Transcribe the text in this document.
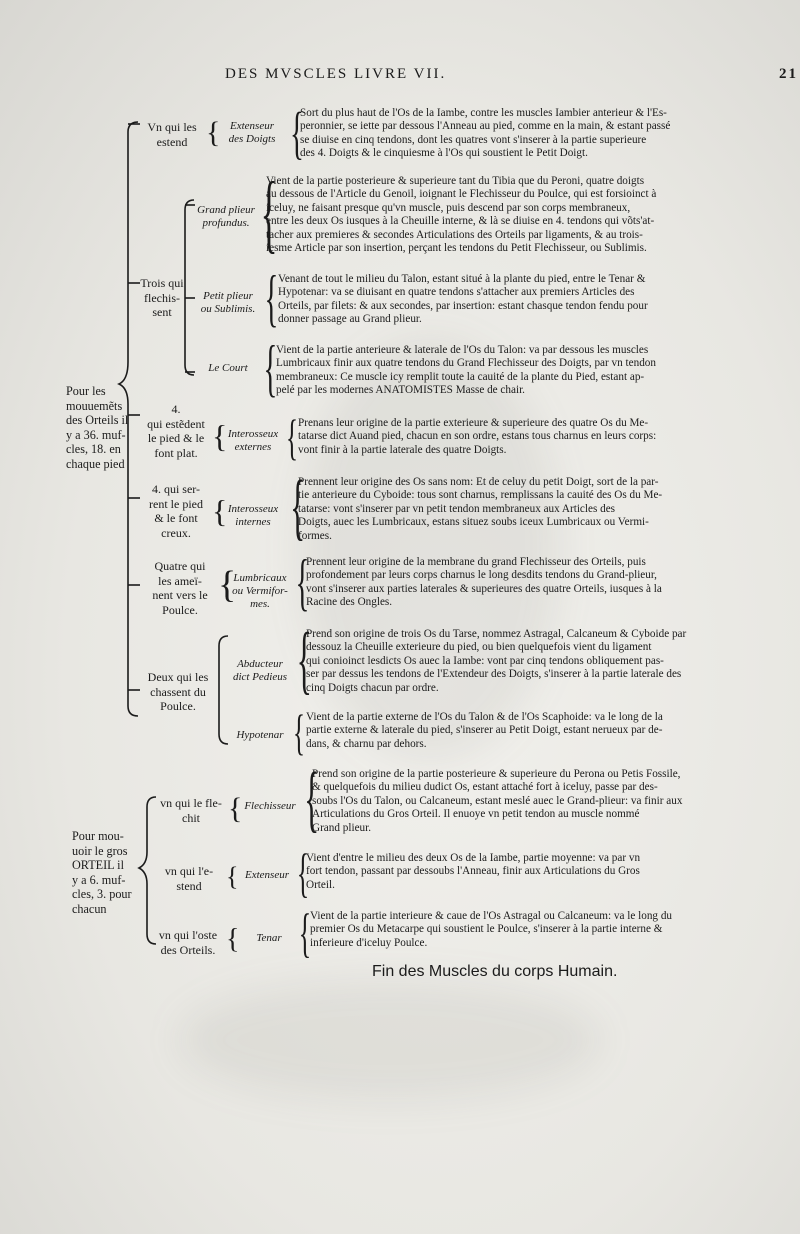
DES MVSCLES LIVRE VII.	21
Pour les
mouuemẽts
des Orteils il
y a 36. muf-
cles, 18. en
chaque pied
Vn qui les
estend { Extenseur
des Doigts {
Sort du plus haut de l'Os de la Iambe, contre les muscles Iambier anterieur & l'Es-
peronnier, se iette par dessous l'Anneau au pied, comme en la main, & estant passé
se diuise en cinq tendons, dont les quatres vont s'inserer à la partie superieure
des 4. Doigts & le cinquiesme à l'Os qui soustient le Petit Doigt.
Trois qui
flechis-
sent
Grand plieur
profundus. {
Vient de la partie posterieure & superieure tant du Tibia que du Peroni, quatre doigts
au dessous de l'Article du Genoil, ioignant le Flechisseur du Poulce, qui est forsioinct à
iceluy, ne faisant presque qu'vn muscle, puis descend par son corps membraneux,
entre les deux Os iusques à la Cheuille interne, & là se diuise en 4. tendons qui võts'at-
tacher aux premieres & secondes Articulations des Orteils par ligaments, & au trois-
iesme Article par son insertion, perçant les tendons du Petit Flechisseur, ou Sublimis.
Petit plieur
ou Sublimis. { Venant de tout le milieu du Talon, estant situé à la plante du pied, entre le Tenar &
Hypotenar: va se diuisant en quatre tendons s'attacher aux premiers Articles des
Orteils, par filets: & aux secondes, par insertion: estant chasque tendon fendu pour
donner passage au Grand plieur.
Le Court {
Vient de la partie anterieure & laterale de l'Os du Talon: va par dessous les muscles
Lumbricaux finir aux quatre tendons du Grand Flechisseur des Doigts, par vn tendon
membraneux: Ce muscle icy remplit toute la cauité de la plante du Pied, estant ap-
pelé par les modernes ANATOMISTES Masse de chair.
4.
qui estẽdent
le pied & le
font plat. { Interosseux
externes { Prenans leur origine de la partie exterieure & superieure des quatre Os du Me-
tatarse dict Auand pied, chacun en son ordre, estans tous charnus en leurs corps:
vont finir à la partie laterale des quatre Doigts.
4. qui ser-
rent le pied
& le font
creux.
{ Interosseux
internes {
Prennent leur origine des Os sans nom: Et de celuy du petit Doigt, sort de la par-
tie anterieure du Cyboide: tous sont charnus, remplissans la cauité des Os du Me-
tatarse: vont s'inserer par vn petit tendon membraneux aux Articles des
Doigts, auec les Lumbricaux, estans situez soubs iceux Lumbricaux ou Vermi-
formes.
Quatre qui
les ameï-
nent vers le
Poulce.
{
Lumbricaux
ou Vermifor-
mes. {
Prennent leur origine de la membrane du grand Flechisseur des Orteils, puis
profondement par leurs corps charnus le long desdits tendons du Grand-plieur,
vont s'inserer aux parties laterales & superieures des quatre Orteils, iusques à la
Racine des Ongles.
Deux qui les
chassent du
Poulce.
Abducteur
dict Pedieus {
Prend son origine de trois Os du Tarse, nommez Astragal, Calcaneum & Cyboide par
dessouz la Cheuille exterieure du pied, ou bien quelquefois vient du ligament
qui conioinct lesdicts Os auec la Iambe: vont par cinq tendons obliquement pas-
ser par dessus les tendons de l'Extendeur des Doigts, s'inserer à la partie laterale des
cinq Doigts chacun par ordre.
Hypotenar { Vient de la partie externe de l'Os du Talon & de l'Os Scaphoide: va le long de la
partie externe & laterale du pied, s'inserer au Petit Doigt, estant nerueux par de-
dans, & charnu par dehors.
Pour mou-
uoir le gros
ORTEIL il
y a 6. muf-
cles, 3. pour
chacun
vn qui le fle-
chit { Flechisseur {
Prend son origine de la partie posterieure & superieure du Perona ou Petis Fossile,
& quelquefois du milieu dudict Os, estant attaché fort à iceluy, passe par des-
soubs l'Os du Talon, ou Calcaneum, estant meslé auec le Grand-plieur: va finir aux
Articulations du Gros Orteil. Il enuoye vn petit tendon au muscle nommé
Grand plieur.
vn qui l'e-
stend { Extenseur {
Vient d'entre le milieu des deux Os de la Iambe, partie moyenne: va par vn
fort tendon, passant par dessoubs l'Anneau, finir aux Articulations du Gros
Orteil.
vn qui l'oste
des Orteils. {	Tenar {
Vient de la partie interieure & caue de l'Os Astragal ou Calcaneum: va le long du
premier Os du Metacarpe qui soustient le Poulce, s'inserer à la partie interne &
inferieure d'iceluy Poulce.
Fin des Muscles du corps Humain.
